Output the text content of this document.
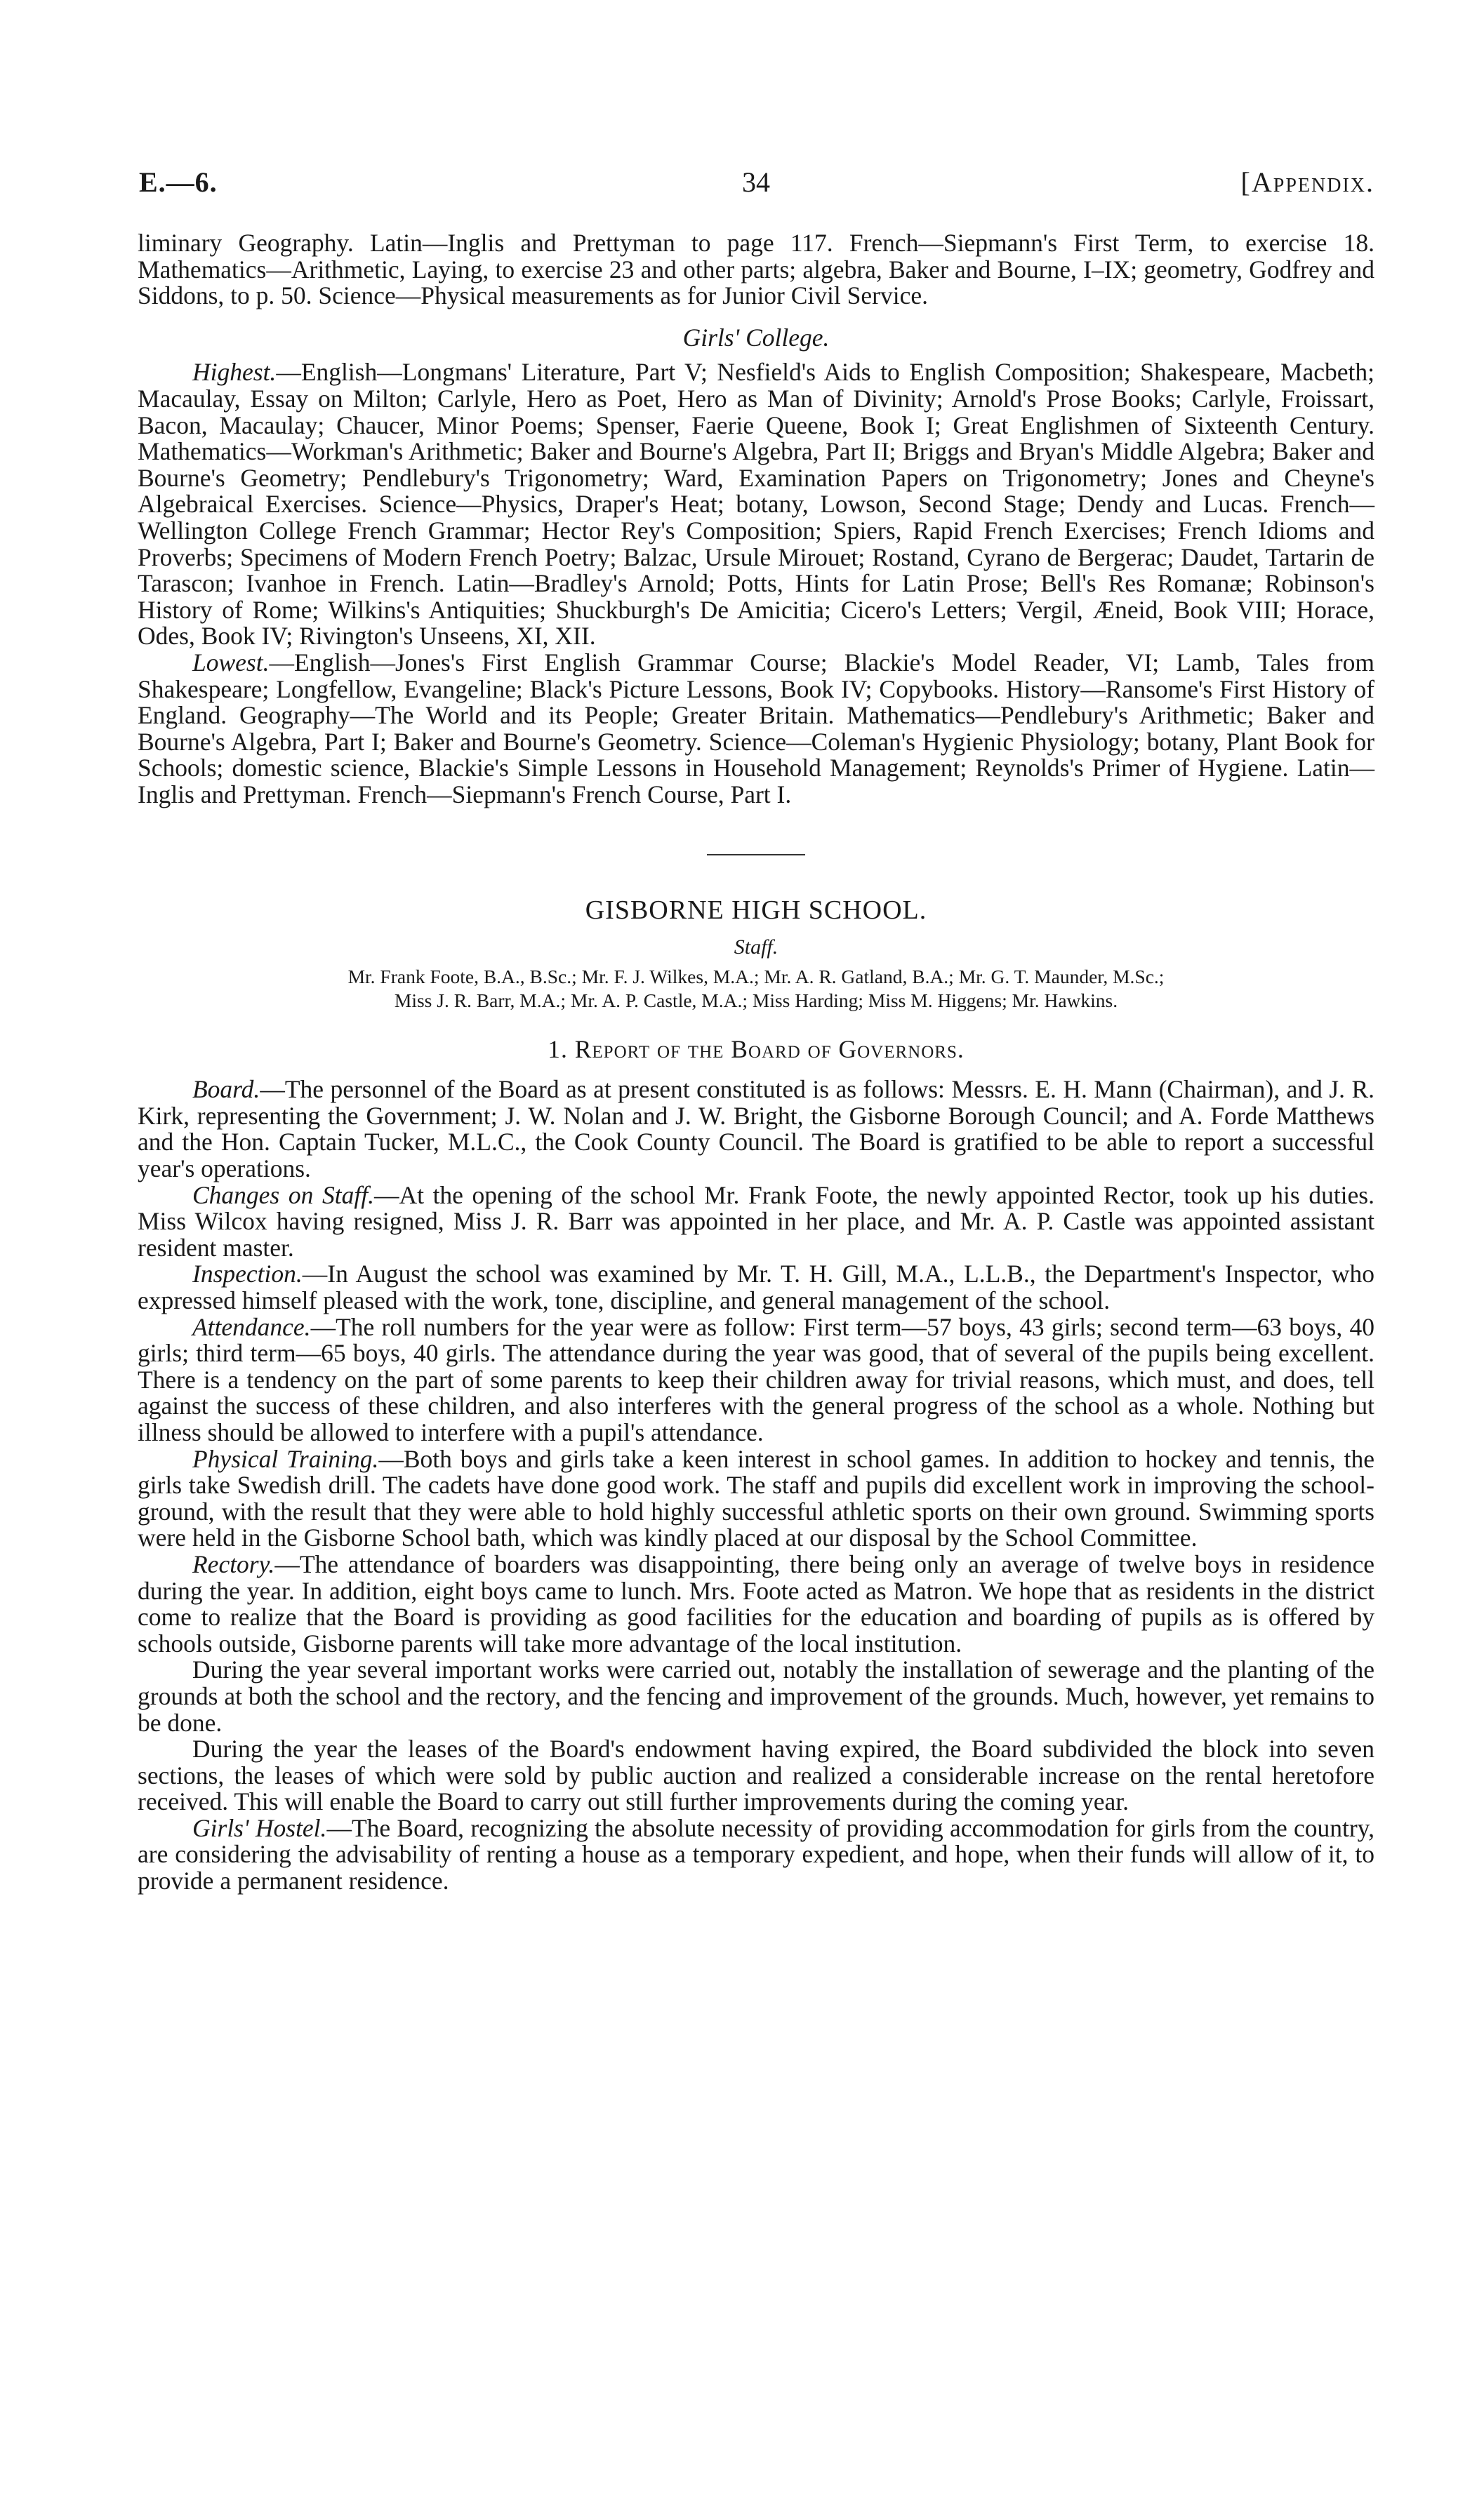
E.—6.	34	[Appendix.

liminary Geography. Latin—Inglis and Prettyman to page 117. French—Siepmann's First Term, to exercise 18. Mathematics—Arithmetic, Laying, to exercise 23 and other parts; algebra, Baker and Bourne, I–IX; geometry, Godfrey and Siddons, to p. 50. Science—Physical measurements as for Junior Civil Service.

Girls' College.

Highest.—English—Longmans' Literature, Part V; Nesfield's Aids to English Composition; Shakespeare, Macbeth; Macaulay, Essay on Milton; Carlyle, Hero as Poet, Hero as Man of Divinity; Arnold's Prose Books; Carlyle, Froissart, Bacon, Macaulay; Chaucer, Minor Poems; Spenser, Faerie Queene, Book I; Great Englishmen of Sixteenth Century. Mathematics—Workman's Arithmetic; Baker and Bourne's Algebra, Part II; Briggs and Bryan's Middle Algebra; Baker and Bourne's Geometry; Pendlebury's Trigonometry; Ward, Examination Papers on Trigonometry; Jones and Cheyne's Algebraical Exercises. Science—Physics, Draper's Heat; botany, Lowson, Second Stage; Dendy and Lucas. French—Wellington College French Grammar; Hector Rey's Composition; Spiers, Rapid French Exercises; French Idioms and Proverbs; Specimens of Modern French Poetry; Balzac, Ursule Mirouet; Rostand, Cyrano de Bergerac; Daudet, Tartarin de Tarascon; Ivanhoe in French. Latin—Bradley's Arnold; Potts, Hints for Latin Prose; Bell's Res Romanæ; Robinson's History of Rome; Wilkins's Antiquities; Shuckburgh's De Amicitia; Cicero's Letters; Vergil, Æneid, Book VIII; Horace, Odes, Book IV; Rivington's Unseens, XI, XII.

Lowest.—English—Jones's First English Grammar Course; Blackie's Model Reader, VI; Lamb, Tales from Shakespeare; Longfellow, Evangeline; Black's Picture Lessons, Book IV; Copybooks. History—Ransome's First History of England. Geography—The World and its People; Greater Britain. Mathematics—Pendlebury's Arithmetic; Baker and Bourne's Algebra, Part I; Baker and Bourne's Geometry. Science—Coleman's Hygienic Physiology; botany, Plant Book for Schools; domestic science, Blackie's Simple Lessons in Household Management; Reynolds's Primer of Hygiene. Latin—Inglis and Prettyman. French—Siepmann's French Course, Part I.

GISBORNE HIGH SCHOOL.
Staff.
Mr. Frank Foote, B.A., B.Sc.; Mr. F. J. Wilkes, M.A.; Mr. A. R. Gatland, B.A.; Mr. G. T. Maunder, M.Sc.;
Miss J. R. Barr, M.A.; Mr. A. P. Castle, M.A.; Miss Harding; Miss M. Higgens; Mr. Hawkins.
1. Report of the Board of Governors.

Board.—The personnel of the Board as at present constituted is as follows: Messrs. E. H. Mann (Chairman), and J. R. Kirk, representing the Government; J. W. Nolan and J. W. Bright, the Gisborne Borough Council; and A. Forde Matthews and the Hon. Captain Tucker, M.L.C., the Cook County Council. The Board is gratified to be able to report a successful year's operations.

Changes on Staff.—At the opening of the school Mr. Frank Foote, the newly appointed Rector, took up his duties. Miss Wilcox having resigned, Miss J. R. Barr was appointed in her place, and Mr. A. P. Castle was appointed assistant resident master.

Inspection.—In August the school was examined by Mr. T. H. Gill, M.A., L.L.B., the Department's Inspector, who expressed himself pleased with the work, tone, discipline, and general management of the school.

Attendance.—The roll numbers for the year were as follow: First term—57 boys, 43 girls; second term—63 boys, 40 girls; third term—65 boys, 40 girls. The attendance during the year was good, that of several of the pupils being excellent. There is a tendency on the part of some parents to keep their children away for trivial reasons, which must, and does, tell against the success of these children, and also interferes with the general progress of the school as a whole. Nothing but illness should be allowed to interfere with a pupil's attendance.

Physical Training.—Both boys and girls take a keen interest in school games. In addition to hockey and tennis, the girls take Swedish drill. The cadets have done good work. The staff and pupils did excellent work in improving the school-ground, with the result that they were able to hold highly successful athletic sports on their own ground. Swimming sports were held in the Gisborne School bath, which was kindly placed at our disposal by the School Committee.

Rectory.—The attendance of boarders was disappointing, there being only an average of twelve boys in residence during the year. In addition, eight boys came to lunch. Mrs. Foote acted as Matron. We hope that as residents in the district come to realize that the Board is providing as good facilities for the education and boarding of pupils as is offered by schools outside, Gisborne parents will take more advantage of the local institution.

During the year several important works were carried out, notably the installation of sewerage and the planting of the grounds at both the school and the rectory, and the fencing and improvement of the grounds. Much, however, yet remains to be done.

During the year the leases of the Board's endowment having expired, the Board subdivided the block into seven sections, the leases of which were sold by public auction and realized a considerable increase on the rental heretofore received. This will enable the Board to carry out still further improvements during the coming year.

Girls' Hostel.—The Board, recognizing the absolute necessity of providing accommodation for girls from the country, are considering the advisability of renting a house as a temporary expedient, and hope, when their funds will allow of it, to provide a permanent residence.
